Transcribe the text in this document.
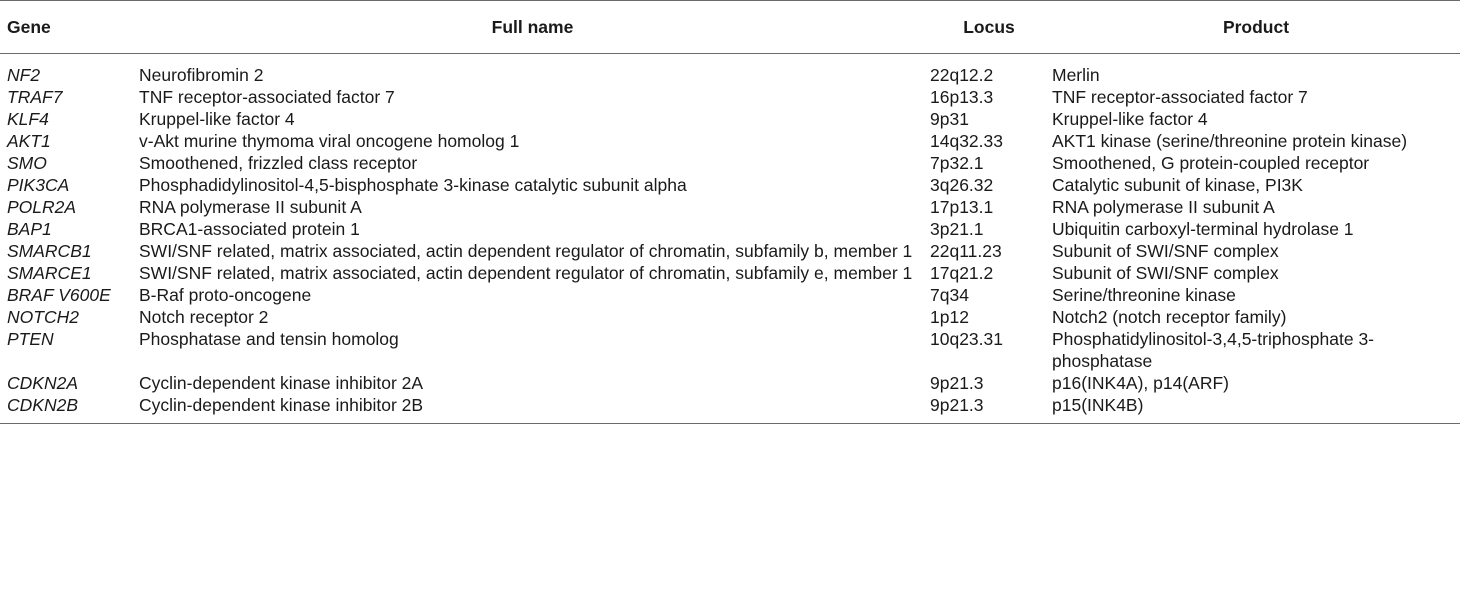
Gene	Full name	Locus	Product
NF2	Neurofibromin 2	22q12.2	Merlin
TRAF7	TNF receptor-associated factor 7	16p13.3	TNF receptor-associated factor 7
KLF4	Kruppel-like factor 4	9p31	Kruppel-like factor 4
AKT1	v-Akt murine thymoma viral oncogene homolog 1	14q32.33	AKT1 kinase (serine/threonine protein kinase)
SMO	Smoothened, frizzled class receptor	7p32.1	Smoothened, G protein-coupled receptor
PIK3CA	Phosphadidylinositol-4,5-bisphosphate 3-kinase catalytic subunit alpha	3q26.32	Catalytic subunit of kinase, PI3K
POLR2A	RNA polymerase II subunit A	17p13.1	RNA polymerase II subunit A
BAP1	BRCA1-associated protein 1	3p21.1	Ubiquitin carboxyl-terminal hydrolase 1
SMARCB1	SWI/SNF related, matrix associated, actin dependent regulator of chromatin, subfamily b, member 1	22q11.23	Subunit of SWI/SNF complex
SMARCE1	SWI/SNF related, matrix associated, actin dependent regulator of chromatin, subfamily e, member 1	17q21.2	Subunit of SWI/SNF complex
BRAF V600E	B-Raf proto-oncogene	7q34	Serine/threonine kinase
NOTCH2	Notch receptor 2	1p12	Notch2 (notch receptor family)
PTEN	Phosphatase and tensin homolog	10q23.31	Phosphatidylinositol-3,4,5-triphosphate 3-phosphatase
CDKN2A	Cyclin-dependent kinase inhibitor 2A	9p21.3	p16(INK4A), p14(ARF)
CDKN2B	Cyclin-dependent kinase inhibitor 2B	9p21.3	p15(INK4B)
